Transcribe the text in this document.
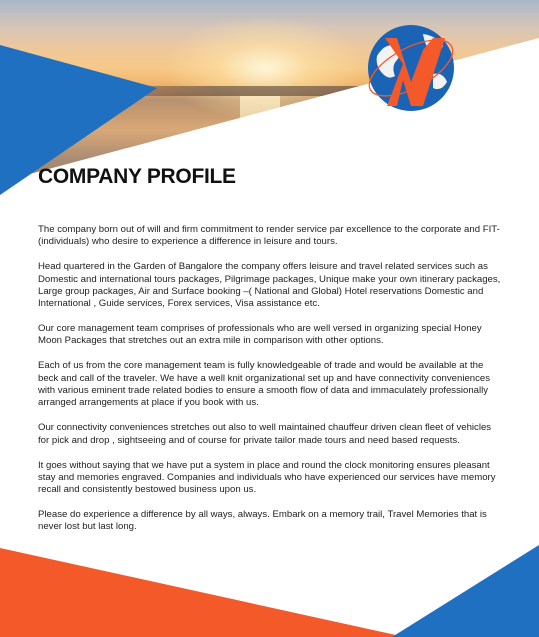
COMPANY PROFILE

The company born out of will and firm commitment to render service par excellence to the corporate and FIT-(individuals) who desire to experience a difference in leisure and tours.

Head quartered in the Garden of Bangalore the company offers leisure and travel related services such as Domestic and international tours packages, Pilgrimage packages, Unique make your own itinerary packages, Large group packages, Air and Surface booking –( National and Global) Hotel reservations Domestic and International , Guide services, Forex services, Visa assistance etc.

Our core management team comprises of professionals who are well versed in organizing special Honey Moon Packages that stretches out an extra mile in comparison with other options.

Each of us from the core management team is fully knowledgeable of trade and would be available at the beck and call of the traveler. We have a well knit organizational set up and have connectivity conveniences with various eminent trade related bodies to ensure a smooth flow of data and immaculately professionally arranged arrangements at place if you book with us.

Our connectivity conveniences stretches out also to well maintained chauffeur driven clean fleet of vehicles for pick and drop , sightseeing and of course for private tailor made tours and need based requests.

It goes without saying that we have put a system in place and round the clock monitoring ensures pleasant stay and memories engraved. Companies and individuals who have experienced our services have memory recall and consistently bestowed business upon us.

Please do experience a difference by all ways, always. Embark on a memory trail, Travel Memories that is never lost but last long.
